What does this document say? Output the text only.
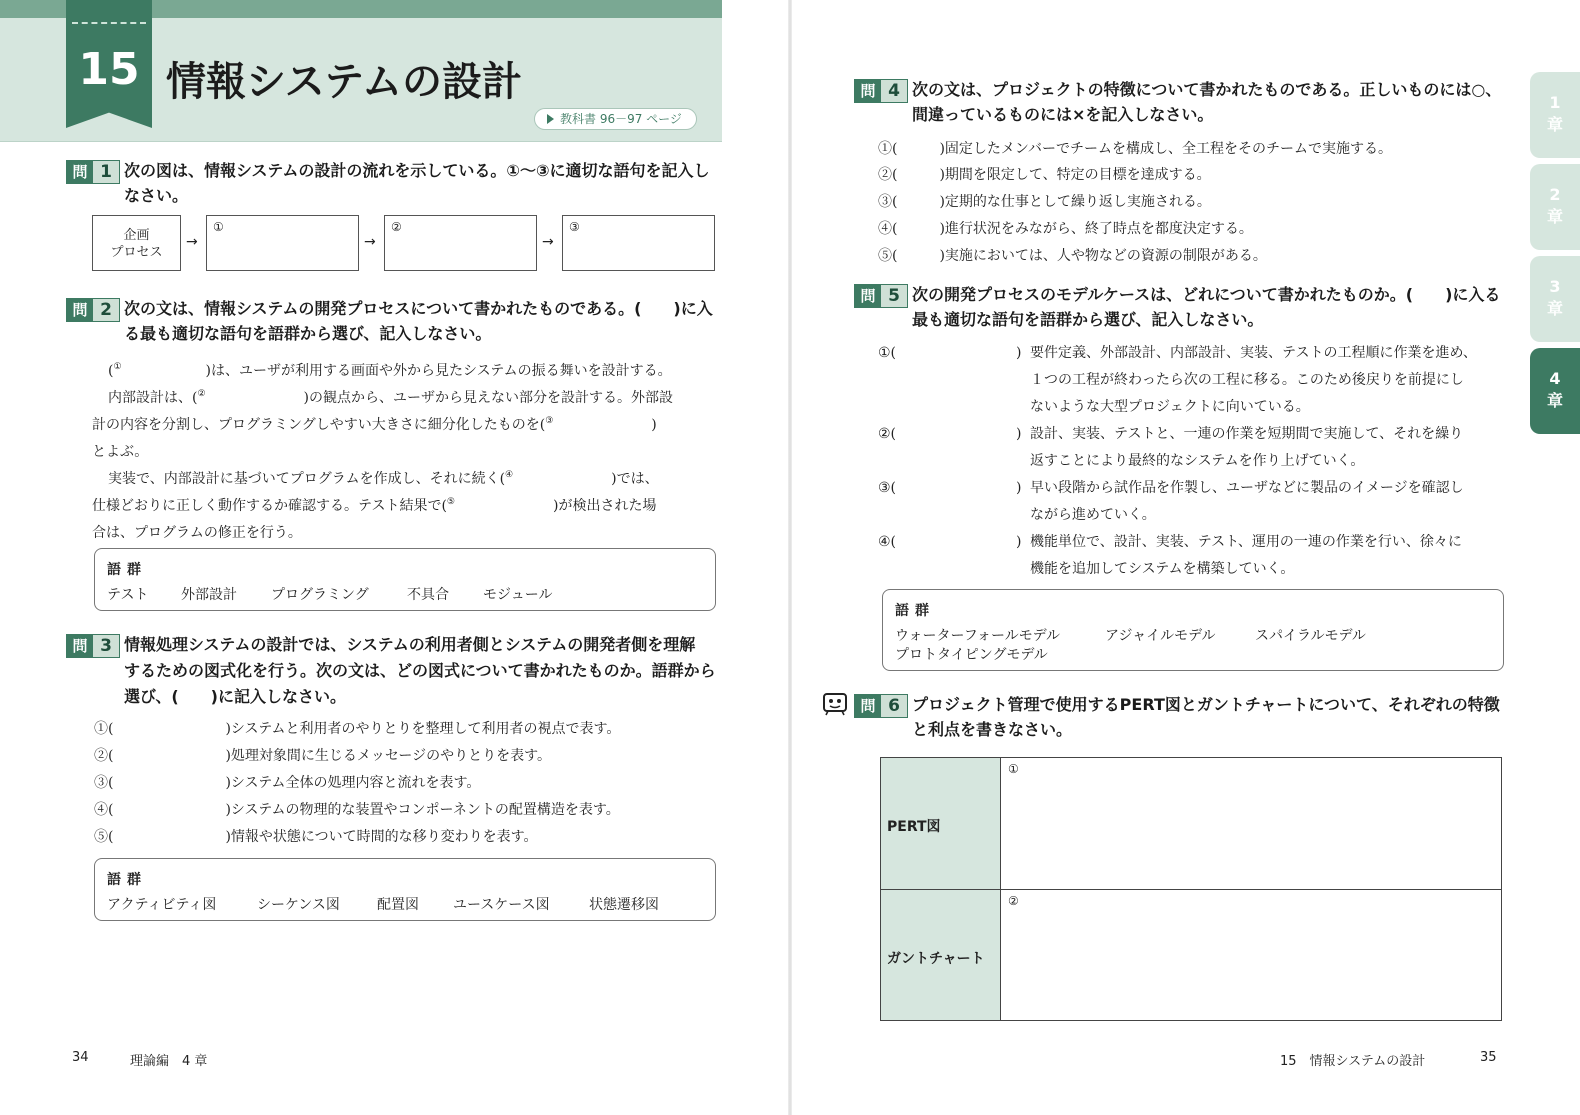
15 情報システムの設計
教科書 96－97 ページ
問 1 次の図は、情報システムの設計の流れを示している。①～③に適切な語句を記入し
なさい。
企画
プロセス
→
①
→
②
→
③
問 2 次の文は、情報システムの開発プロセスについて書かれたものである。(　　)に入
る最も適切な語句を語群から選び、記入しなさい。
(①　　　　　　)は、ユーザが利用する画面や外から見たシステムの振る舞いを設計する。
内部設計は、(②　　　　　　　)の観点から、ユーザから見えない部分を設計する。外部設
計の内容を分割し、プログラミングしやすい大きさに細分化したものを(③　　　　　　　)
とよぶ。
実装で、内部設計に基づいてプログラムを作成し、それに続く(④　　　　　　　)では、
仕様どおりに正しく動作するか確認する。テスト結果で(⑤　　　　　　　)が検出された場
合は、プログラムの修正を行う。
語群
テスト 外部設計 プログラミング	不具合 モジュール
問 3 情報処理システムの設計では、システムの利用者側とシステムの開発者側を理解
するための図式化を行う。次の文は、どの図式について書かれたものか。語群から
選び、(　　)に記入しなさい。
①(　　　　　　　　)システムと利用者のやりとりを整理して利用者の視点で表す。
②(　　　　　　　　)処理対象間に生じるメッセージのやりとりを表す。
③(　　　　　　　　)システム全体の処理内容と流れを表す。
④(　　　　　　　　)システムの物理的な装置やコンポーネントの配置構造を表す。
⑤(　　　　　　　　)情報や状態について時間的な移り変わりを表す。
語群
アクティビティ図	シーケンス図	配置図 ユースケース図	状態遷移図
34	理論編　4 章
問 4 次の文は、プロジェクトの特徴について書かれたものである。正しいものには○、
間違っているものには×を記入しなさい。
①(　　　)固定したメンバーでチームを構成し、全工程をそのチームで実施する。
②(　　　)期間を限定して、特定の目標を達成する。
③(　　　)定期的な仕事として繰り返し実施される。
④(　　　)進行状況をみながら、終了時点を都度決定する。
⑤(　　　)実施においては、人や物などの資源の制限がある。
問 5 次の開発プロセスのモデルケースは、どれについて書かれたものか。(　　)に入る
最も適切な語句を語群から選び、記入しなさい。
①(	) 要件定義、外部設計、内部設計、実装、テストの工程順に作業を進め、
１つの工程が終わったら次の工程に移る。このため後戻りを前提にし
ないような大型プロジェクトに向いている。
②(	) 設計、実装、テストと、一連の作業を短期間で実施して、それを繰り
返すことにより最終的なシステムを作り上げていく。
③(	) 早い段階から試作品を作製し、ユーザなどに製品のイメージを確認し
ながら進めていく。
④(	) 機能単位で、設計、実装、テスト、運用の一連の作業を行い、徐々に
機能を追加してシステムを構築していく。
語群
ウォーターフォールモデル	アジャイルモデル	スパイラルモデル
プロトタイピングモデル
問 6 プロジェクト管理で使用するPERT図とガントチャートについて、それぞれの特徴
と利点を書きなさい。
15　情報システムの設計	35
PERT図
①
ガントチャート
②
1
章
2
章
3
章
4
章
